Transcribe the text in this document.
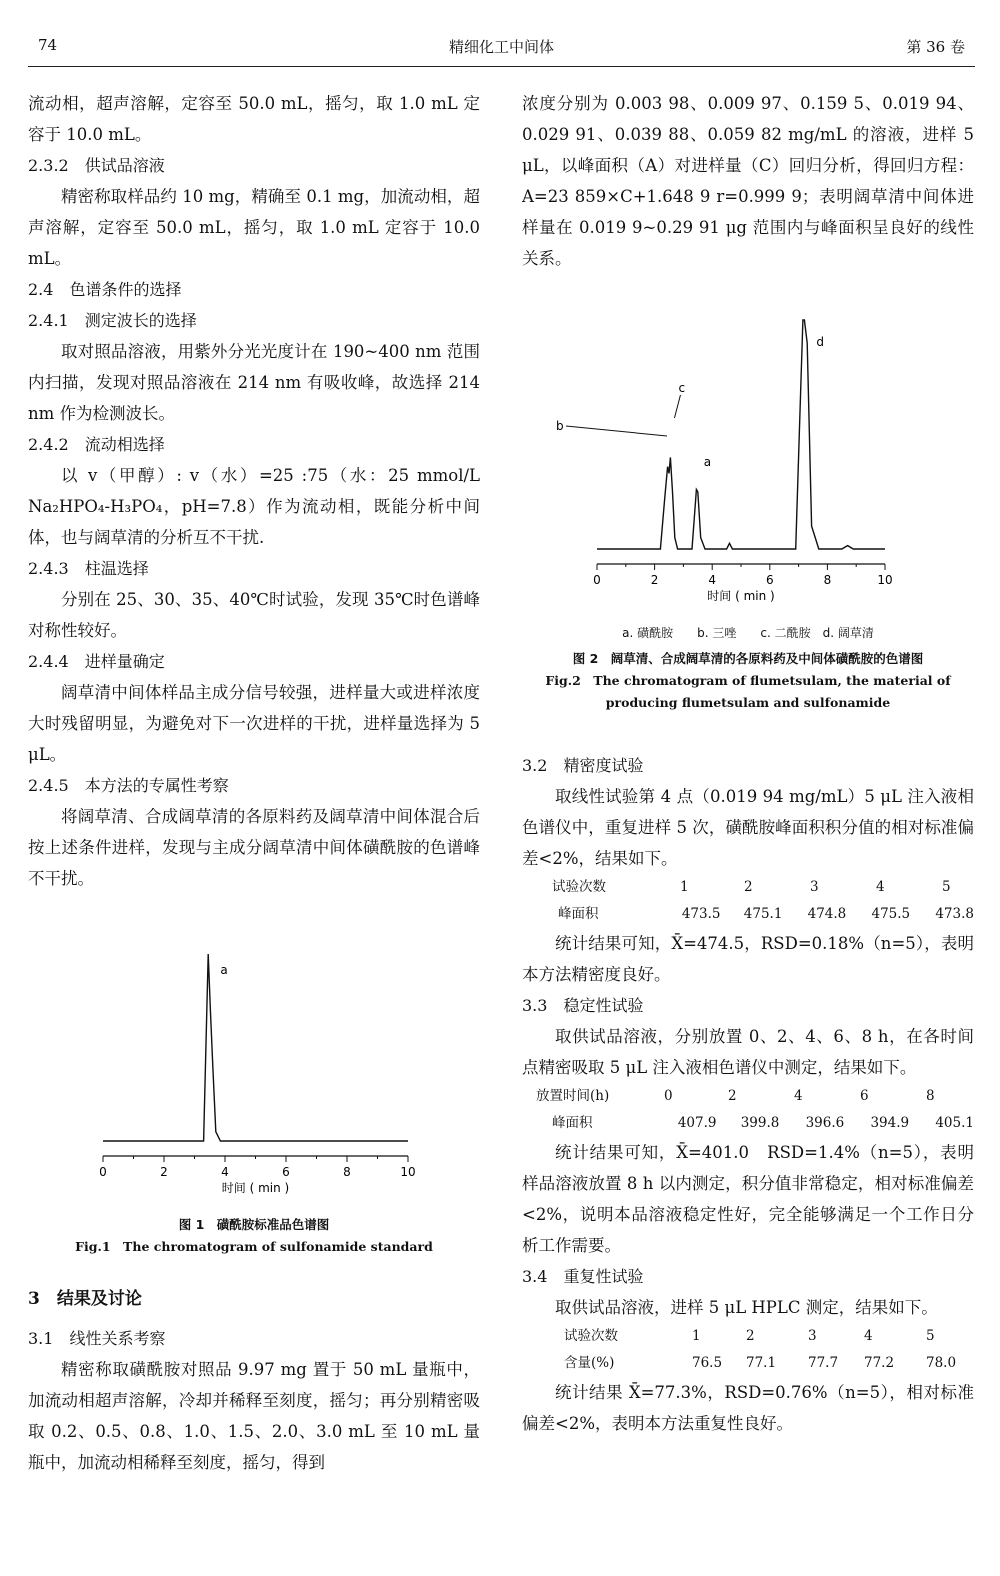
74	精细化工中间体	第 36 卷

流动相，超声溶解，定容至 50.0 mL，摇匀，取 1.0 mL 定容于 10.0 mL。

2.3.2　供试品溶液

精密称取样品约 10 mg，精确至 0.1 mg，加流动相，超声溶解，定容至 50.0 mL，摇匀，取 1.0 mL 定容于 10.0 mL。

2.4　色谱条件的选择

2.4.1　测定波长的选择

取对照品溶液，用紫外分光光度计在 190~400 nm 范围内扫描，发现对照品溶液在 214 nm 有吸收峰，故选择 214 nm 作为检测波长。

2.4.2　流动相选择

以 v（甲醇）: v（水）=25 :75（水：25 mmol/L Na₂HPO₄-H₃PO₄，pH=7.8）作为流动相，既能分析中间体，也与阔草清的分析互不干扰.

2.4.3　柱温选择

分别在 25、30、35、40℃时试验，发现 35℃时色谱峰对称性较好。

2.4.4　进样量确定

阔草清中间体样品主成分信号较强，进样量大或进样浓度大时残留明显，为避免对下一次进样的干扰，进样量选择为 5 μL。

2.4.5　本方法的专属性考察

将阔草清、合成阔草清的各原料药及阔草清中间体混合后按上述条件进样，发现与主成分阔草清中间体磺酰胺的色谱峰不干扰。

0	2	4	6	8	10
时间 ( min )
a
图 1　磺酰胺标准品色谱图
Fig.1　The chromatogram of sulfonamide standard

3　结果及讨论

3.1　线性关系考察

精密称取磺酰胺对照品 9.97 mg 置于 50 mL 量瓶中，加流动相超声溶解，冷却并稀释至刻度，摇匀；再分别精密吸取 0.2、0.5、0.8、1.0、1.5、2.0、3.0 mL 至 10 mL 量瓶中，加流动相稀释至刻度，摇匀，得到

浓度分别为 0.003 98、0.009 97、0.159 5、0.019 94、0.029 91、0.039 88、0.059 82 mg/mL 的溶液，进样 5 μL，以峰面积（A）对进样量（C）回归分析，得回归方程：A=23 859×C+1.648 9 r=0.999 9；表明阔草清中间体进样量在 0.019 9~0.29 91 μg 范围内与峰面积呈良好的线性关系。

0	2	4	6	8	10
时间 ( min )
b
c
a
d
a. 磺酰胺　　b. 三唑　　c. 二酰胺　d. 阔草清
图 2　阔草清、合成阔草清的各原料药及中间体磺酰胺的色谱图
Fig.2　The chromatogram of flumetsulam, the material of
producing flumetsulam and sulfonamide

3.2　精密度试验

取线性试验第 4 点（0.019 94 mg/mL）5 μL 注入液相色谱仪中，重复进样 5 次，磺酰胺峰面积积分值的相对标准偏差<2%，结果如下。

试验次数	1	2	3	4	5
峰面积	473.5	475.1	474.8	475.5	473.8

统计结果可知，X̄=474.5，RSD=0.18%（n=5），表明本方法精密度良好。

3.3　稳定性试验

取供试品溶液，分别放置 0、2、4、6、8 h，在各时间点精密吸取 5 μL 注入液相色谱仪中测定，结果如下。

放置时间(h)	0	2	4	6	8
峰面积	407.9	399.8	396.6	394.9	405.1

统计结果可知，X̄=401.0　RSD=1.4%（n=5），表明样品溶液放置 8 h 以内测定，积分值非常稳定，相对标准偏差<2%，说明本品溶液稳定性好，完全能够满足一个工作日分析工作需要。

3.4　重复性试验

取供试品溶液，进样 5 μL HPLC 测定，结果如下。

试验次数	1	2	3	4	5
含量(%)	76.5	77.1	77.7	77.2	78.0

统计结果 X̄=77.3%，RSD=0.76%（n=5），相对标准偏差<2%，表明本方法重复性良好。
